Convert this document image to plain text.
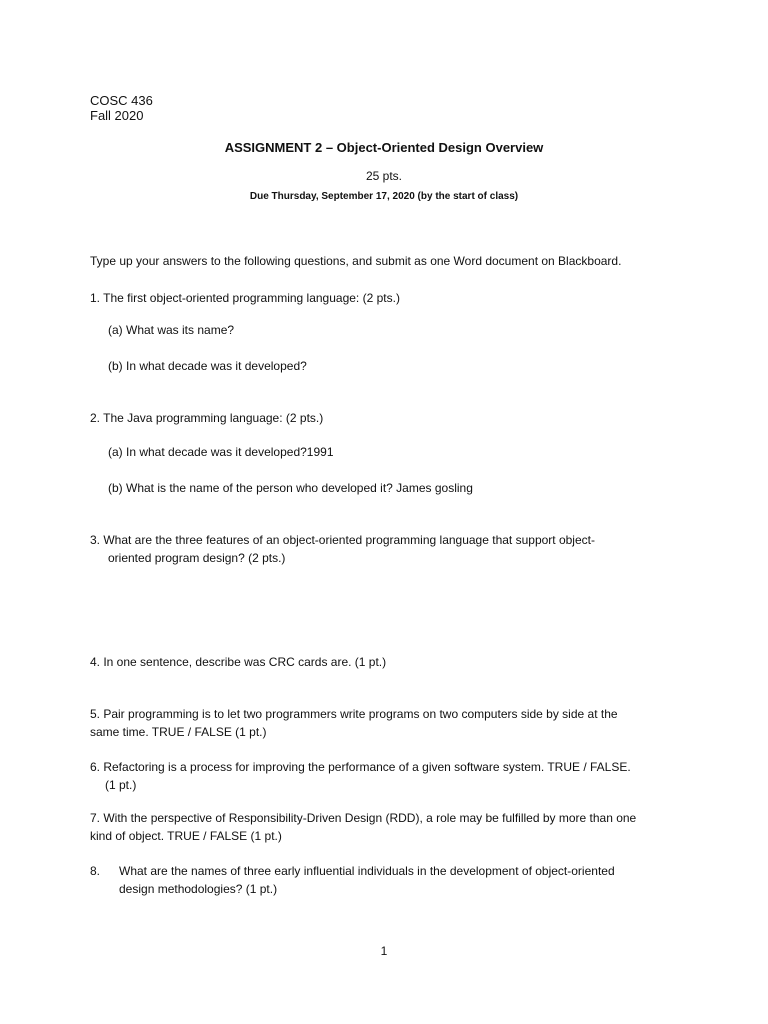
COSC 436
Fall 2020
ASSIGNMENT 2 – Object-Oriented Design Overview
25 pts.
Due Thursday, September 17, 2020 (by the start of class)
Type up your answers to the following questions, and submit as one Word document on Blackboard.
1. The first object-oriented programming language: (2 pts.)
(a) What was its name?
(b) In what decade was it developed?
2. The Java programming language: (2 pts.)
(a) In what decade was it developed?1991
(b) What is the name of the person who developed it? James gosling
3. What are the three features of an object-oriented programming language that support object-
oriented program design? (2 pts.)
4. In one sentence, describe was CRC cards are. (1 pt.)
5. Pair programming is to let two programmers write programs on two computers side by side at the
same time. TRUE / FALSE (1 pt.)
6. Refactoring is a process for improving the performance of a given software system. TRUE / FALSE.
(1 pt.)
7. With the perspective of Responsibility-Driven Design (RDD), a role may be fulfilled by more than one
kind of object. TRUE / FALSE (1 pt.)
8. What are the names of three early influential individuals in the development of object-oriented
design methodologies? (1 pt.)
1
